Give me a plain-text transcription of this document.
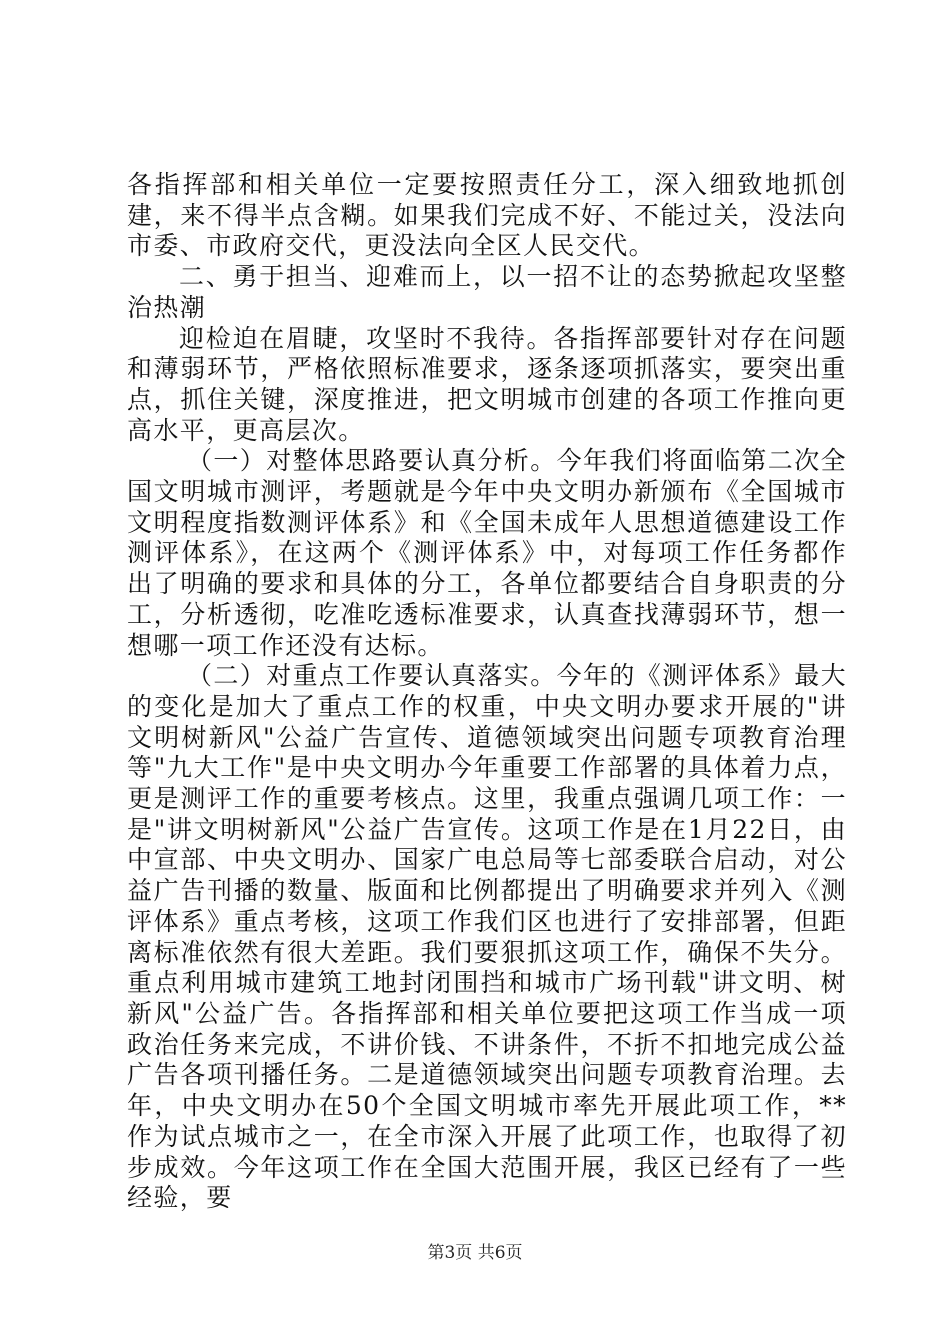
各指挥部和相关单位一定要按照责任分工，深入细致地抓创建，来不得半点含糊。如果我们完成不好、不能过关，没法向市委、市政府交代，更没法向全区人民交代。

二、勇于担当、迎难而上，以一招不让的态势掀起攻坚整治热潮

迎检迫在眉睫，攻坚时不我待。各指挥部要针对存在问题和薄弱环节，严格依照标准要求，逐条逐项抓落实，要突出重点，抓住关键，深度推进，把文明城市创建的各项工作推向更高水平，更高层次。

（一）对整体思路要认真分析。今年我们将面临第二次全国文明城市测评，考题就是今年中央文明办新颁布《全国城市文明程度指数测评体系》和《全国未成年人思想道德建设工作测评体系》，在这两个《测评体系》中，对每项工作任务都作出了明确的要求和具体的分工，各单位都要结合自身职责的分工，分析透彻，吃准吃透标准要求，认真查找薄弱环节，想一想哪一项工作还没有达标。

（二）对重点工作要认真落实。今年的《测评体系》最大的变化是加大了重点工作的权重，中央文明办要求开展的"讲文明树新风"公益广告宣传、道德领域突出问题专项教育治理等"九大工作"是中央文明办今年重要工作部署的具体着力点，更是测评工作的重要考核点。这里，我重点强调几项工作：一是"讲文明树新风"公益广告宣传。这项工作是在1月22日，由中宣部、中央文明办、国家广电总局等七部委联合启动，对公益广告刊播的数量、版面和比例都提出了明确要求并列入《测评体系》重点考核，这项工作我们区也进行了安排部署，但距离标准依然有很大差距。我们要狠抓这项工作，确保不失分。重点利用城市建筑工地封闭围挡和城市广场刊载"讲文明、树新风"公益广告。各指挥部和相关单位要把这项工作当成一项政治任务来完成，不讲价钱、不讲条件，不折不扣地完成公益广告各项刊播任务。二是道德领域突出问题专项教育治理。去年，中央文明办在50个全国文明城市率先开展此项工作，**作为试点城市之一，在全市深入开展了此项工作，也取得了初步成效。今年这项工作在全国大范围开展，我区已经有了一些经验，要

第3页 共6页
